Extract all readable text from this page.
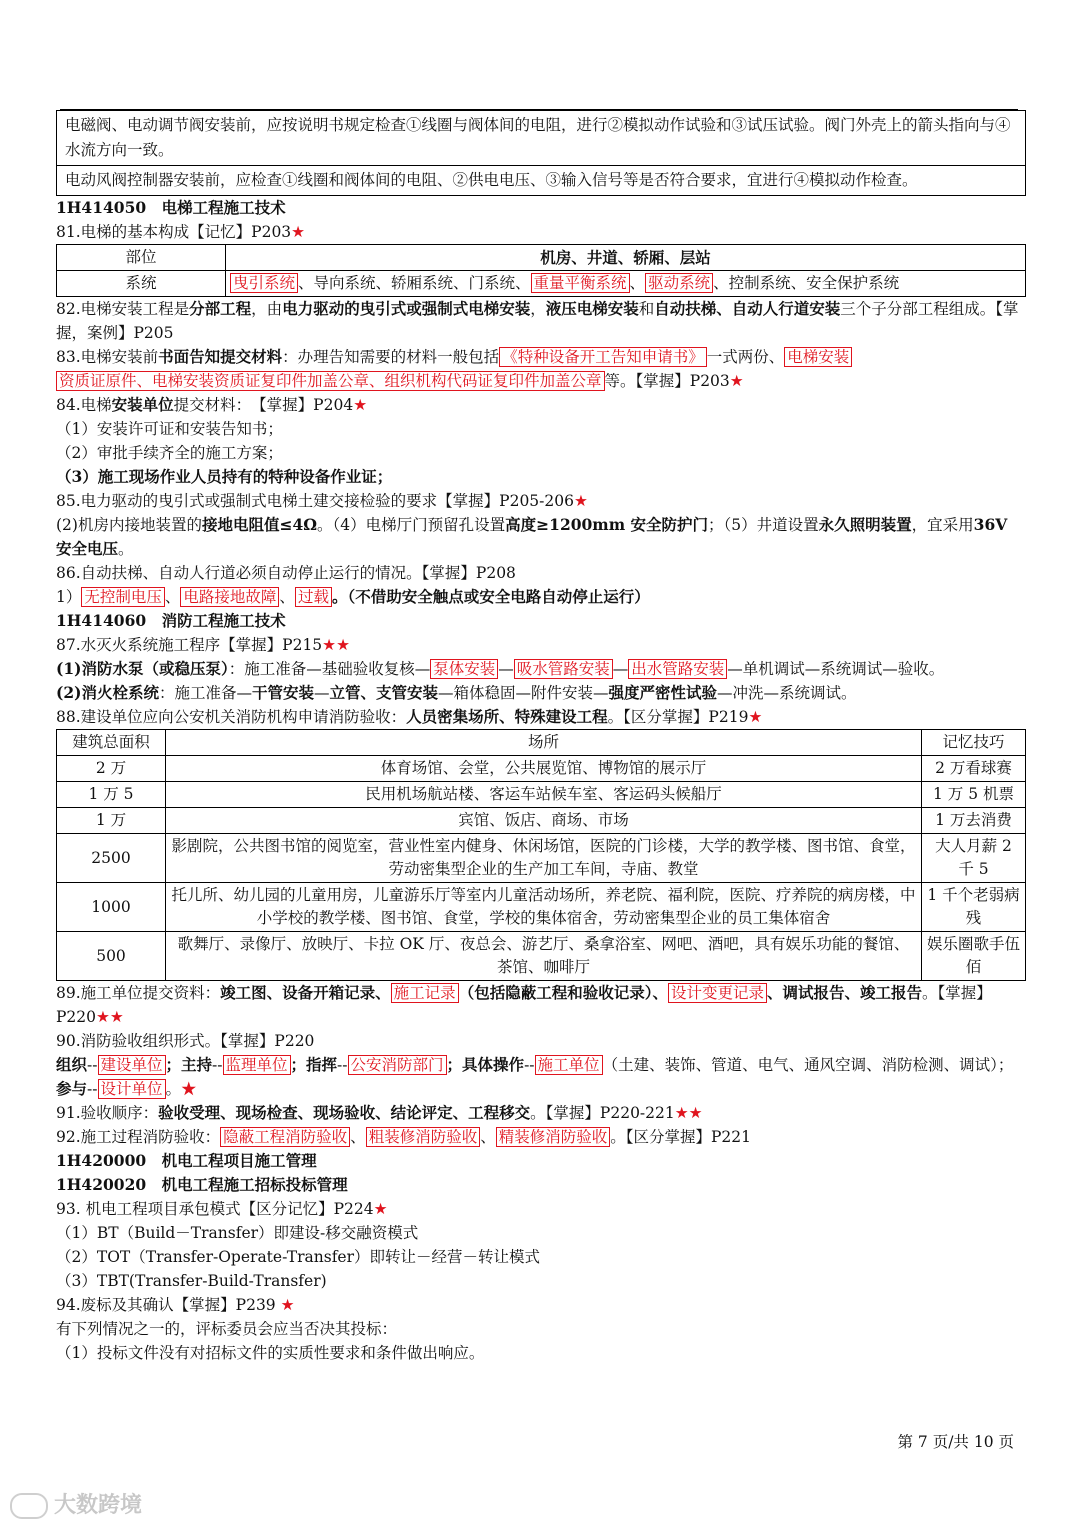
电磁阀、电动调节阀安装前，应按说明书规定检查①线圈与阀体间的电阻，进行②模拟动作试验和③试压试验。阀门外壳上的箭头指向与④水流方向一致。
电动风阀控制器安装前，应检查①线圈和阀体间的电阻、②供电电压、③输入信号等是否符合要求，宜进行④模拟动作检查。
1H414050　电梯工程施工技术
81.电梯的基本构成【记忆】P203★
部位	机房、井道、轿厢、层站
系统	曳引系统 、导向系统、轿厢系统、门系统、 重量平衡系统 、 驱动系统 、控制系统、安全保护系统
82.电梯安装工程是分部工程，由电力驱动的曳引式或强制式电梯安装，液压电梯安装和自动扶梯、自动人行道安装三个子分部工程组成。【掌握，案例】P205
83.电梯安装前书面告知提交材料：办理告知需要的材料一般包括 《特种设备开工告知申请书》 一式两份、 电梯安装
资质证原件、电梯安装资质证复印件加盖公章、组织机构代码证复印件加盖公章 等。【掌握】P203★
84.电梯安装单位提交材料：　【掌握】P204★
（1）安装许可证和安装告知书；
（2）审批手续齐全的施工方案；
（3）施工现场作业人员持有的特种设备作业证；
85.电力驱动的曳引式或强制式电梯土建交接检验的要求【掌握】P205-206★
(2)机房内接地装置的接地电阻值≤4Ω。（4）电梯厅门预留孔设置高度≥1200mm 安全防护门；（5）井道设置永久照明装置，宜采用36V 安全电压。
86.自动扶梯、自动人行道必须自动停止运行的情况。【掌握】P208
1） 无控制电压 、 电路接地故障 、 过载 。（不借助安全触点或安全电路自动停止运行）
1H414060　消防工程施工技术
87.水灭火系统施工程序【掌握】P215★★
(1)消防水泵（或稳压泵）：施工准备—基础验收复核— 泵体安装 — 吸水管路安装 — 出水管路安装 —单机调试—系统调试—验收。
(2)消火栓系统：施工准备—干管安装—立管、支管安装—箱体稳固—附件安装—强度严密性试验—冲洗—系统调试。
88.建设单位应向公安机关消防机构申请消防验收：人员密集场所、特殊建设工程。【区分掌握】P219★
建筑总面积	场所	记忆技巧
2 万	体育场馆、会堂，公共展览馆、博物馆的展示厅	2 万看球赛
1 万 5	民用机场航站楼、客运车站候车室、客运码头候船厅	1 万 5 机票
1 万	宾馆、饭店、商场、市场	1 万去消费
2500	影剧院，公共图书馆的阅览室，营业性室内健身、休闲场馆，医院的门诊楼，大学的教学楼、图书馆、食堂，劳动密集型企业的生产加工车间，寺庙、教堂	大人月薪 2 千 5
1000	托儿所、幼儿园的儿童用房，儿童游乐厅等室内儿童活动场所，养老院、福利院，医院、疗养院的病房楼，中小学校的教学楼、图书馆、食堂，学校的集体宿舍，劳动密集型企业的员工集体宿舍	1 千个老弱病残
500	歌舞厅、录像厅、放映厅、卡拉 OK 厅、夜总会、游艺厅、桑拿浴室、网吧、酒吧，具有娱乐功能的餐馆、茶馆、咖啡厅	娱乐圈歌手伍佰
89.施工单位提交资料：竣工图、设备开箱记录、 施工记录 （包括隐蔽工程和验收记录）、 设计变更记录 、调试报告、竣工报告。【掌握】P220★★
90.消防验收组织形式。【掌握】P220
组织-- 建设单位 ；主持-- 监理单位 ；指挥-- 公安消防部门 ；具体操作-- 施工单位 （土建、装饰、管道、电气、通风空调、消防检测、调试）；参与-- 设计单位 。★
91.验收顺序：验收受理、现场检查、现场验收、结论评定、工程移交。【掌握】P220-221★★
92.施工过程消防验收： 隐蔽工程消防验收 、 粗装修消防验收 、 精装修消防验收 。【区分掌握】P221
1H420000　机电工程项目施工管理
1H420020　机电工程施工招标投标管理
93. 机电工程项目承包模式【区分记忆】P224★
（1）BT（Build－Transfer）即建设-移交融资模式
（2）TOT（Transfer-Operate-Transfer）即转让－经营－转让模式
（3）TBT(Transfer-Build-Transfer)
94.废标及其确认【掌握】P239 ★
有下列情况之一的，评标委员会应当否决其投标：
（1）投标文件没有对招标文件的实质性要求和条件做出响应。
第 7 页/共 10 页
大数跨境
